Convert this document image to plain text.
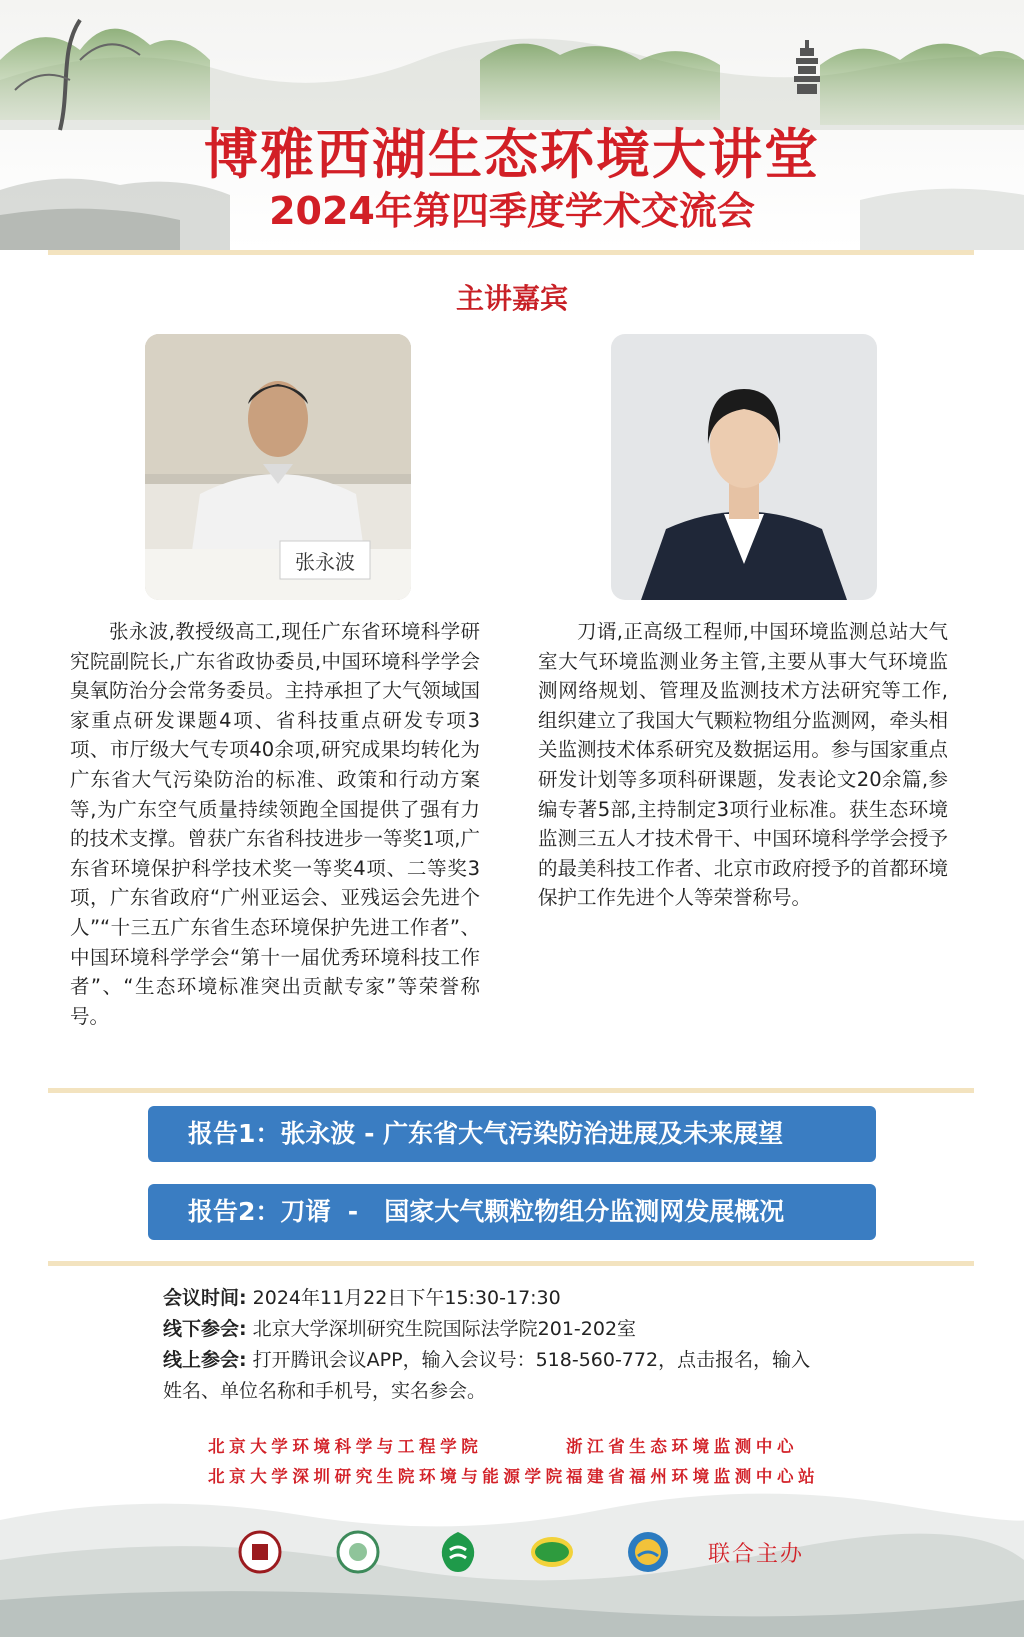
博雅西湖生态环境大讲堂
2024年第四季度学术交流会
主讲嘉宾
张永波
张永波,教授级高工,现任广东省环境科学研究院副院长,广东省政协委员,中国环境科学学会臭氧防治分会常务委员。主持承担了大气领域国家重点研发课题4项、省科技重点研发专项3项、市厅级大气专项40余项,研究成果均转化为广东省大气污染防治的标准、政策和行动方案等,为广东空气质量持续领跑全国提供了强有力的技术支撑。曾获广东省科技进步一等奖1项,广东省环境保护科学技术奖一等奖4项、二等奖3项，广东省政府“广州亚运会、亚残运会先进个人”“十三五广东省生态环境保护先进工作者”、中国环境科学学会“第十一届优秀环境科技工作者”、“生态环境标准突出贡献专家”等荣誉称号。
刀谞,正高级工程师,中国环境监测总站大气室大气环境监测业务主管,主要从事大气环境监测网络规划、管理及监测技术方法研究等工作,组织建立了我国大气颗粒物组分监测网，牵头相关监测技术体系研究及数据运用。参与国家重点研发计划等多项科研课题，发表论文20余篇,参编专著5部,主持制定3项行业标准。获生态环境监测三五人才技术骨干、中国环境科学学会授予的最美科技工作者、北京市政府授予的首都环境保护工作先进个人等荣誉称号。
报告1：张永波 - 广东省大气污染防治进展及未来展望
报告2：刀谞  -   国家大气颗粒物组分监测网发展概况
会议时间: 2024年11月22日下午15:30-17:30
线下参会: 北京大学深圳研究生院国际法学院201-202室
线上参会: 打开腾讯会议APP，输入会议号：518-560-772，点击报名，输入
姓名、单位名称和手机号，实名参会。
北京大学环境科学与工程学院	浙江省生态环境监测中心
北京大学深圳研究生院环境与能源学院 福建省福州环境监测中心站
联合主办
